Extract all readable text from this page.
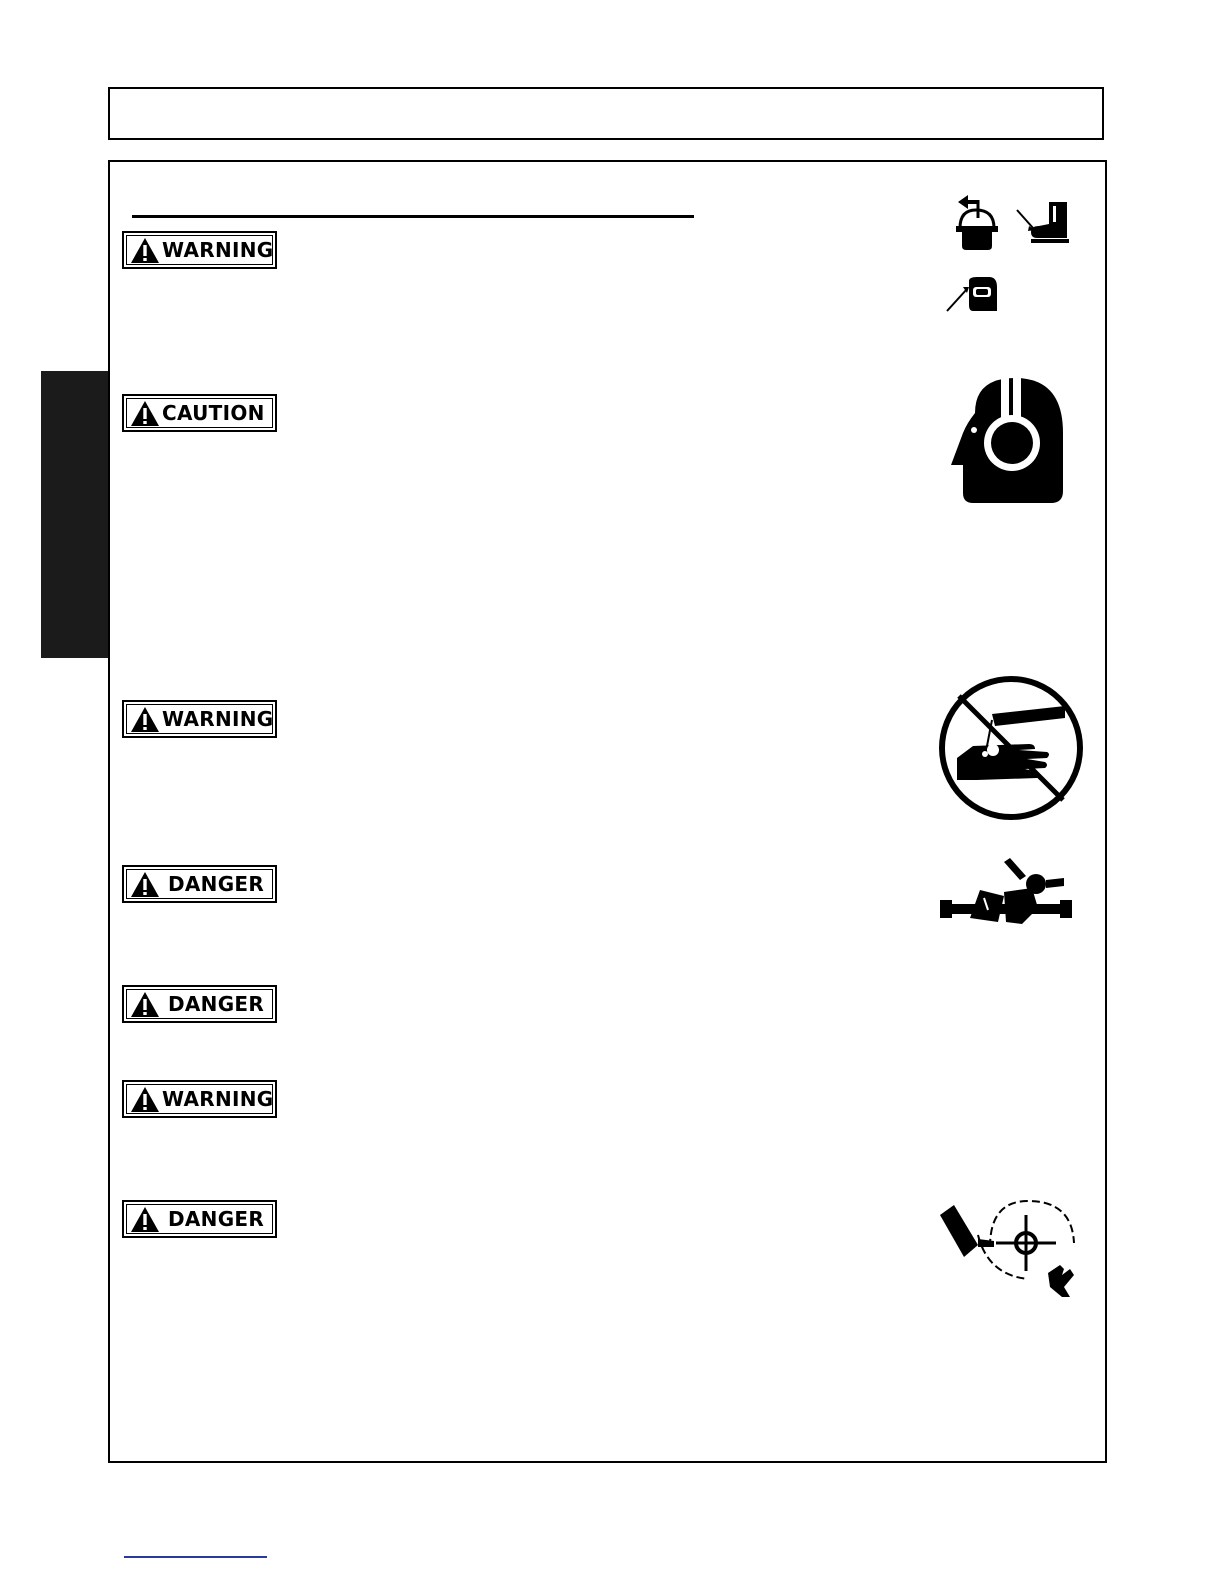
WARNING
CAUTION
WARNING
DANGER
DANGER
WARNING
DANGER
